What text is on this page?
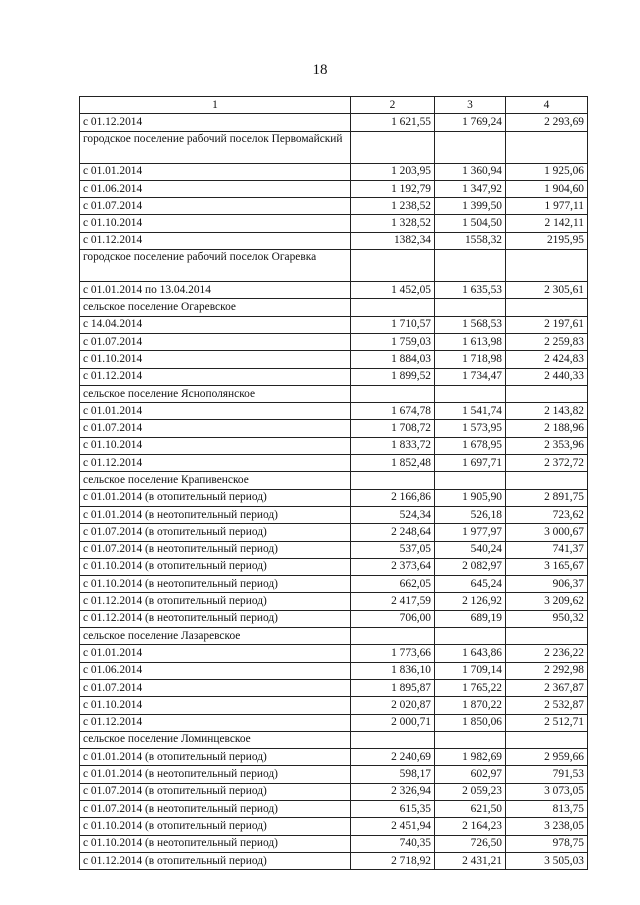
18
1	2	3	4
с 01.12.2014	1 621,55	1 769,24	2 293,69
городское поселение рабочий поселок Первомайский			
с 01.01.2014	1 203,95	1 360,94	1 925,06
с 01.06.2014	1 192,79	1 347,92	1 904,60
с 01.07.2014	1 238,52	1 399,50	1 977,11
с 01.10.2014	1 328,52	1 504,50	2 142,11
с 01.12.2014	1382,34	1558,32	2195,95
городское поселение рабочий поселок Огаревка			
с 01.01.2014 по 13.04.2014	1 452,05	1 635,53	2 305,61
сельское поселение Огаревское			
с 14.04.2014	1 710,57	1 568,53	2 197,61
с 01.07.2014	1 759,03	1 613,98	2 259,83
с 01.10.2014	1 884,03	1 718,98	2 424,83
с 01.12.2014	1 899,52	1 734,47	2 440,33
сельское поселение Яснополянское			
с 01.01.2014	1 674,78	1 541,74	2 143,82
с 01.07.2014	1 708,72	1 573,95	2 188,96
с 01.10.2014	1 833,72	1 678,95	2 353,96
с 01.12.2014	1 852,48	1 697,71	2 372,72
сельское поселение Крапивенское			
с 01.01.2014 (в отопительный период)	2 166,86	1 905,90	2 891,75
с 01.01.2014 (в неотопительный период)	524,34	526,18	723,62
с 01.07.2014 (в отопительный период)	2 248,64	1 977,97	3 000,67
с 01.07.2014 (в неотопительный период)	537,05	540,24	741,37
с 01.10.2014 (в отопительный период)	2 373,64	2 082,97	3 165,67
с 01.10.2014 (в неотопительный период)	662,05	645,24	906,37
с 01.12.2014 (в отопительный период)	2 417,59	2 126,92	3 209,62
с 01.12.2014 (в неотопительный период)	706,00	689,19	950,32
сельское поселение Лазаревское			
с 01.01.2014	1 773,66	1 643,86	2 236,22
с 01.06.2014	1 836,10	1 709,14	2 292,98
с 01.07.2014	1 895,87	1 765,22	2 367,87
с 01.10.2014	2 020,87	1 870,22	2 532,87
с 01.12.2014	2 000,71	1 850,06	2 512,71
сельское поселение Ломинцевское			
с 01.01.2014 (в отопительный период)	2 240,69	1 982,69	2 959,66
с 01.01.2014 (в неотопительный период)	598,17	602,97	791,53
с 01.07.2014 (в отопительный период)	2 326,94	2 059,23	3 073,05
с 01.07.2014 (в неотопительный период)	615,35	621,50	813,75
с 01.10.2014 (в отопительный период)	2 451,94	2 164,23	3 238,05
с 01.10.2014 (в неотопительный период)	740,35	726,50	978,75
с 01.12.2014 (в отопительный период)	2 718,92	2 431,21	3 505,03
